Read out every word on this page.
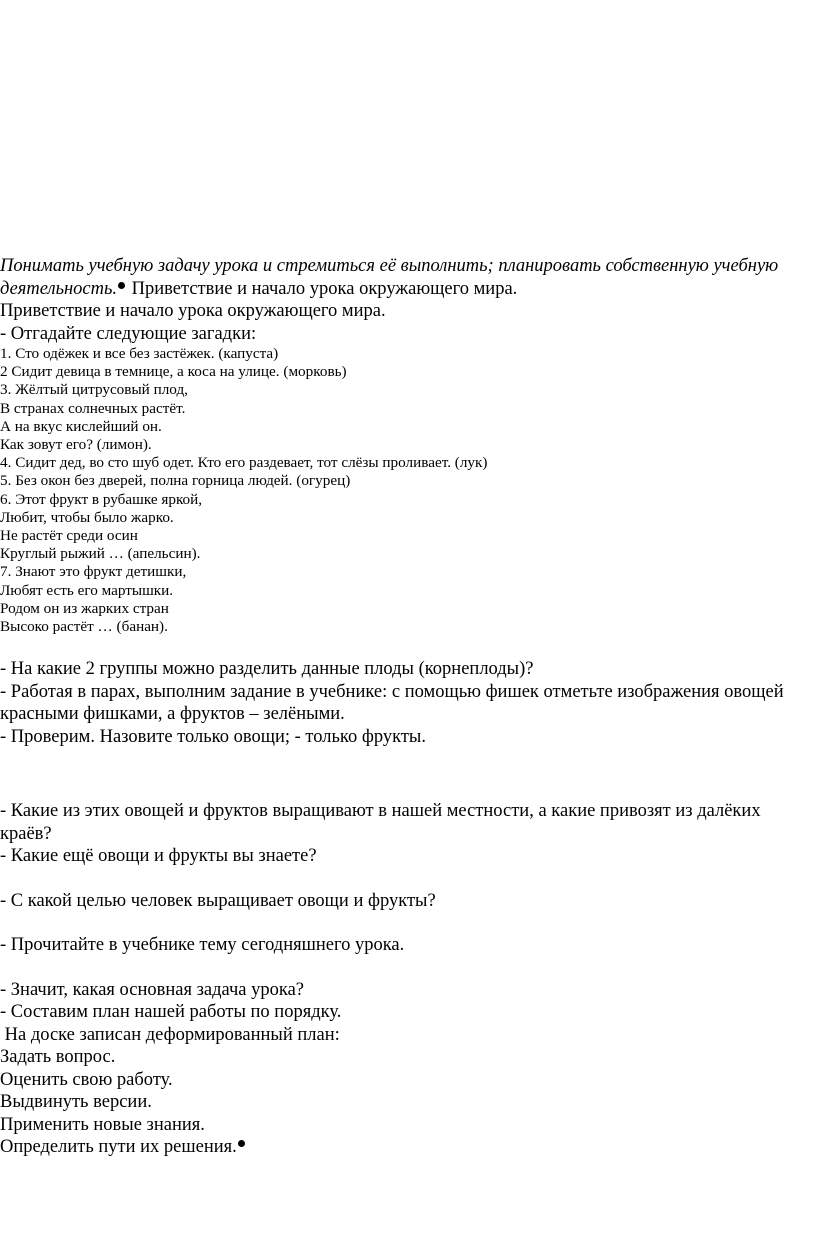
Понимать учебную задачу урока и стремиться её выполнить; планировать собственную учебную
деятельность. Приветствие и начало урока окружающего мира.
Приветствие и начало урока окружающего мира.
- Отгадайте следующие загадки:
1. Сто одёжек и все без застёжек. (капуста)
2 Сидит девица в темнице, а коса на улице. (морковь)
3. Жёлтый цитрусовый плод,
В странах солнечных растёт.
А на вкус кислейший он.
Как зовут его? (лимон).
4. Сидит дед, во сто шуб одет. Кто его раздевает, тот слёзы проливает. (лук)
5. Без окон без дверей, полна горница людей. (огурец)
6. Этот фрукт в рубашке яркой,
Любит, чтобы было жарко.
Не растёт среди осин
Круглый рыжий … (апельсин).
7. Знают это фрукт детишки,
Любят есть его мартышки.
Родом он из жарких стран
Высоко растёт … (банан).
- На какие 2 группы можно разделить данные плоды (корнеплоды)?
- Работая в парах, выполним задание в учебнике: с помощью фишек отметьте изображения овощей
красными фишками, а фруктов – зелёными.
- Проверим. Назовите только овощи; - только фрукты.
- Какие из этих овощей и фруктов выращивают в нашей местности, а какие привозят из далёких
краёв?
- Какие ещё овощи и фрукты вы знаете?
- С какой целью человек выращивает овощи и фрукты?
- Прочитайте в учебнике тему сегодняшнего урока.
- Значит, какая основная задача урока?
- Составим план нашей работы по порядку.
На доске записан деформированный план:
Задать вопрос.
Оценить свою работу.
Выдвинуть версии.
Применить новые знания.
Определить пути их решения.
